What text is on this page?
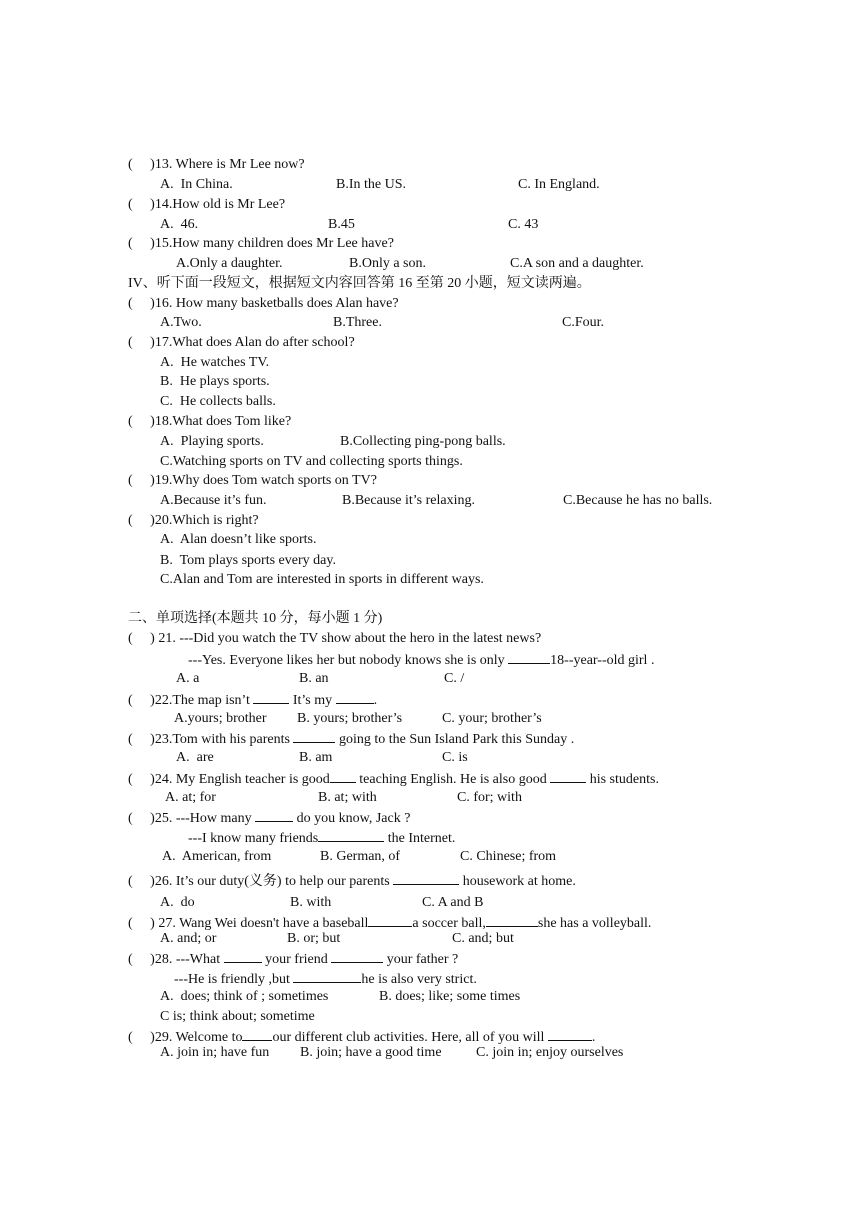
(     )13. Where is Mr Lee now?
A.  In China.	B.In the US.	C. In England.
(     )14.How old is Mr Lee?
A.  46.	B.45	C. 43
(     )15.How many children does Mr Lee have?
A.Only a daughter.	B.Only a son.	C.A son and a daughter.
IV、听下面一段短文，根据短文内容回答第 16 至第 20 小题，短文读两遍。
(     )16. How many basketballs does Alan have?
A.Two.	B.Three.	C.Four.
(     )17.What does Alan do after school?
A.  He watches TV.
B.  He plays sports.
C.  He collects balls.
(     )18.What does Tom like?
A.  Playing sports.	B.Collecting ping-pong balls.
C.Watching sports on TV and collecting sports things.
(     )19.Why does Tom watch sports on TV?
A.Because it’s fun.	B.Because it’s relaxing.	C.Because he has no balls.
(     )20.Which is right?
A.  Alan doesn’t like sports.
B.  Tom plays sports every day.
C.Alan and Tom are interested in sports in different ways.
二、单项选择(本题共 10 分，每小题 1 分)
(     ) 21. ---Did you watch the TV show about the hero in the latest news?
---Yes. Everyone likes her but nobody knows she is only	18--year--old girl .
A. a	B. an	C. /
(     )22.The map isn’t	It’s my	.
A.yours; brother B. yours; brother’s	C. your; brother’s
(     )23.Tom with his parents	going to the Sun Island Park this Sunday .
A.  are	B. am	C. is
(     )24. My English teacher is good teaching English. He is also good	his students.
A. at; for	B. at; with	C. for; with
(     )25. ---How many	do you know, Jack ?
---I know many friends	the Internet.
A.  American, from	B. German, of	C. Chinese; from
(     )26. It’s our duty(义务) to help our parents	housework at home.
A.  do	B. with	C. A and B
(     ) 27. Wang Wei doesn't have a baseball	a soccer ball,	she has a volleyball.
A. and; or	B. or; but	C. and; but
(     )28. ---What	your friend	your father ?
---He is friendly ,but	he is also very strict.
A.  does; think of ; sometimes	B. does; like; some times
C is; think about; sometime
(     )29. Welcome to our different club activities. Here, all of you will	.
A. join in; have fun B. join; have a good time C. join in; enjoy ourselves
